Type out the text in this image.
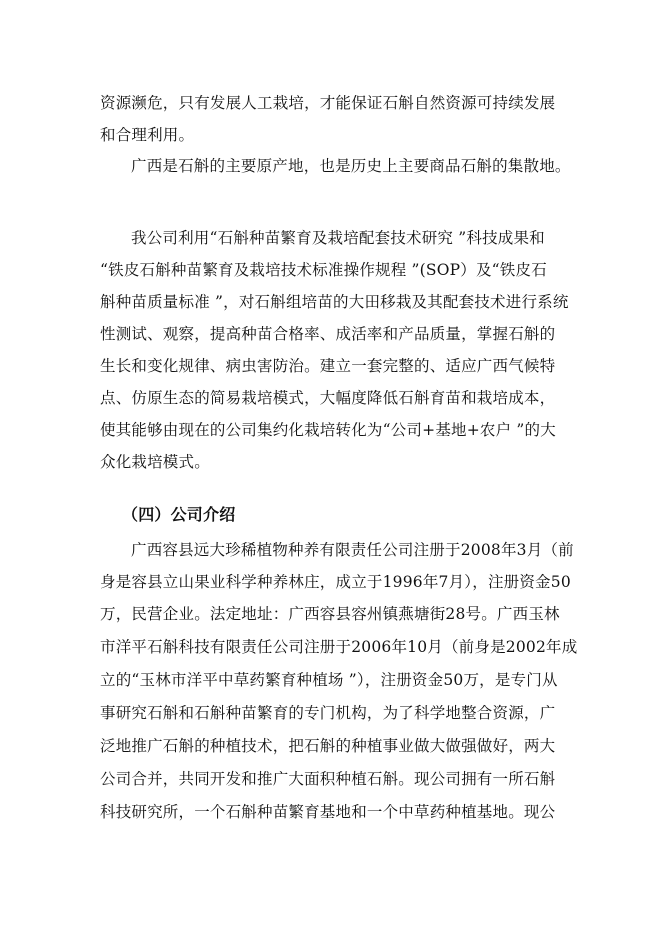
资源濒危，只有发展人工栽培，才能保证石斛自然资源可持续发展
和合理利用。
广西是石斛的主要原产地，也是历史上主要商品石斛的集散地。
我公司利用“石斛种苗繁育及栽培配套技术研究 ”科技成果和
“铁皮石斛种苗繁育及栽培技术标准操作规程 ”(SOP）及“铁皮石
斛种苗质量标准 ”，对石斛组培苗的大田移栽及其配套技术进行系统
性测试、观察，提高种苗合格率、成活率和产品质量，掌握石斛的
生长和变化规律、病虫害防治。建立一套完整的、适应广西气候特
点、仿原生态的简易栽培模式，大幅度降低石斛育苗和栽培成本，
使其能够由现在的公司集约化栽培转化为“公司+基地+农户 ”的大
众化栽培模式。
（四）公司介绍
广西容县远大珍稀植物种养有限责任公司注册于2008年3月（前
身是容县立山果业科学种养林庄，成立于1996年7月），注册资金50
万，民营企业。法定地址：广西容县容州镇燕塘街28号。广西玉林
市洋平石斛科技有限责任公司注册于2006年10月（前身是2002年成
立的“玉林市洋平中草药繁育种植场 ”），注册资金50万，是专门从
事研究石斛和石斛种苗繁育的专门机构，为了科学地整合资源，广
泛地推广石斛的种植技术，把石斛的种植事业做大做强做好，两大
公司合并，共同开发和推广大面积种植石斛。现公司拥有一所石斛
科技研究所，一个石斛种苗繁育基地和一个中草药种植基地。现公
